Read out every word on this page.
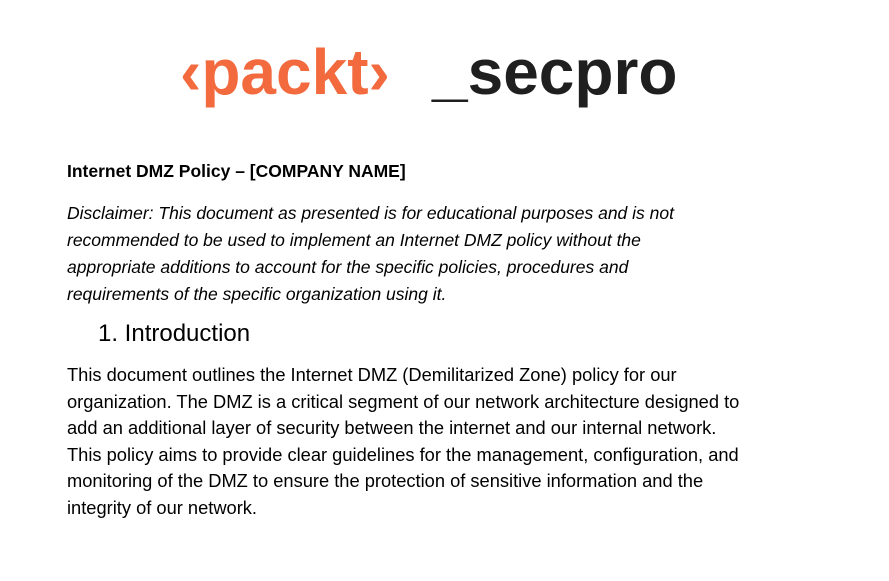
‹packt› _secpro
Internet DMZ Policy – [COMPANY NAME]

Disclaimer: This document as presented is for educational purposes and is not
recommended to be used to implement an Internet DMZ policy without the
appropriate additions to account for the specific policies, procedures and
requirements of the specific organization using it.

1. Introduction

This document outlines the Internet DMZ (Demilitarized Zone) policy for our
organization. The DMZ is a critical segment of our network architecture designed to
add an additional layer of security between the internet and our internal network.
This policy aims to provide clear guidelines for the management, configuration, and
monitoring of the DMZ to ensure the protection of sensitive information and the
integrity of our network.
